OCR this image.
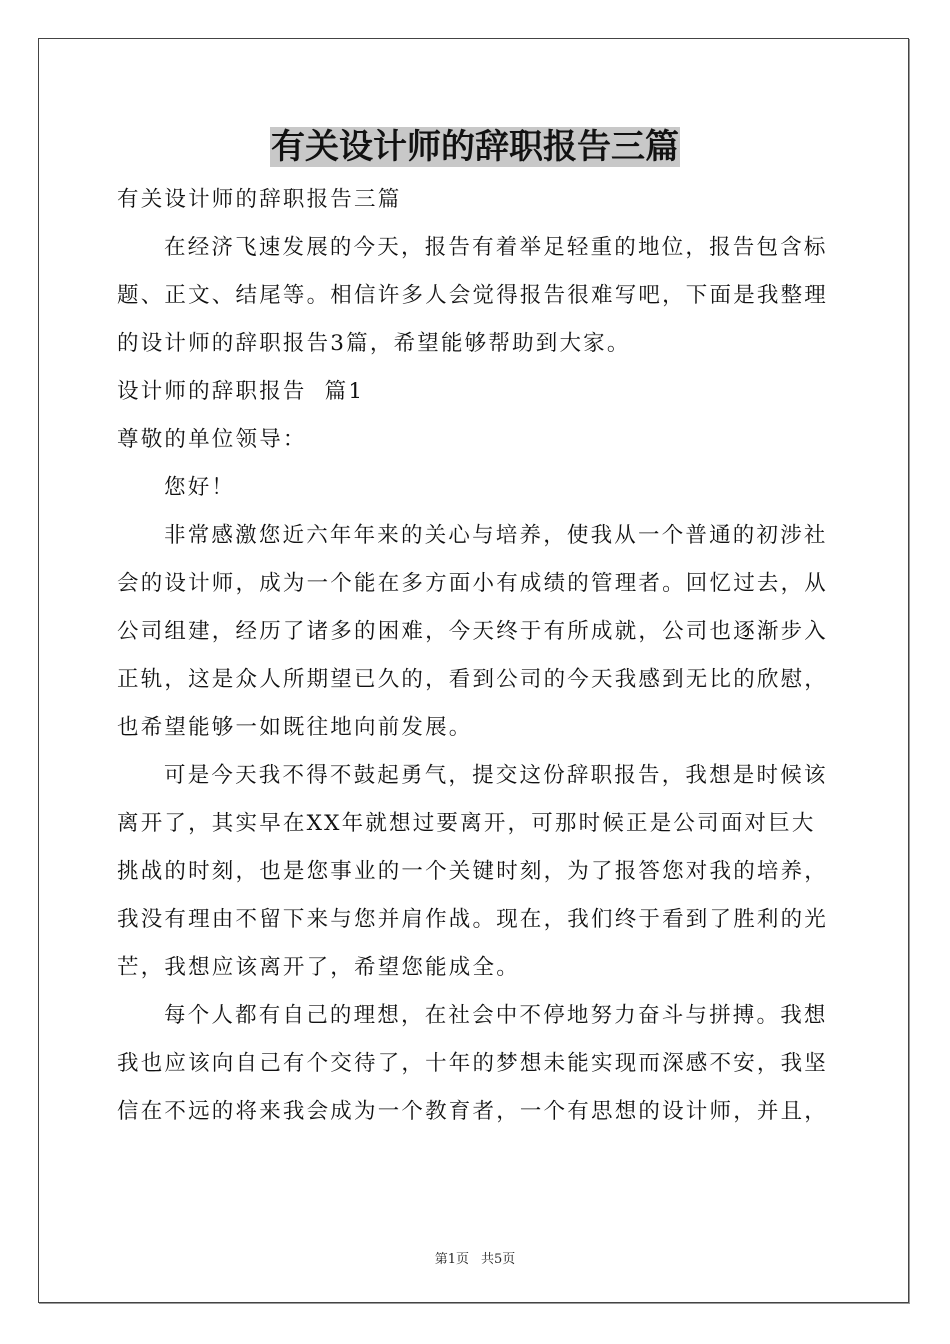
有关设计师的辞职报告三篇
有关设计师的辞职报告三篇
在经济飞速发展的今天，报告有着举足轻重的地位，报告包含标
题、正文、结尾等。相信许多人会觉得报告很难写吧，下面是我整理
的设计师的辞职报告3篇，希望能够帮助到大家。
设计师的辞职报告  篇1
尊敬的单位领导：
您好！
非常感激您近六年年来的关心与培养，使我从一个普通的初涉社
会的设计师，成为一个能在多方面小有成绩的管理者。回忆过去，从
公司组建，经历了诸多的困难，今天终于有所成就，公司也逐渐步入
正轨，这是众人所期望已久的，看到公司的今天我感到无比的欣慰，
也希望能够一如既往地向前发展。
可是今天我不得不鼓起勇气，提交这份辞职报告，我想是时候该
离开了，其实早在XX年就想过要离开，可那时候正是公司面对巨大
挑战的时刻，也是您事业的一个关键时刻，为了报答您对我的培养，
我没有理由不留下来与您并肩作战。现在，我们终于看到了胜利的光
芒，我想应该离开了，希望您能成全。
每个人都有自己的理想，在社会中不停地努力奋斗与拼搏。我想
我也应该向自己有个交待了，十年的梦想未能实现而深感不安，我坚
信在不远的将来我会成为一个教育者，一个有思想的设计师，并且，
第1页 共5页
